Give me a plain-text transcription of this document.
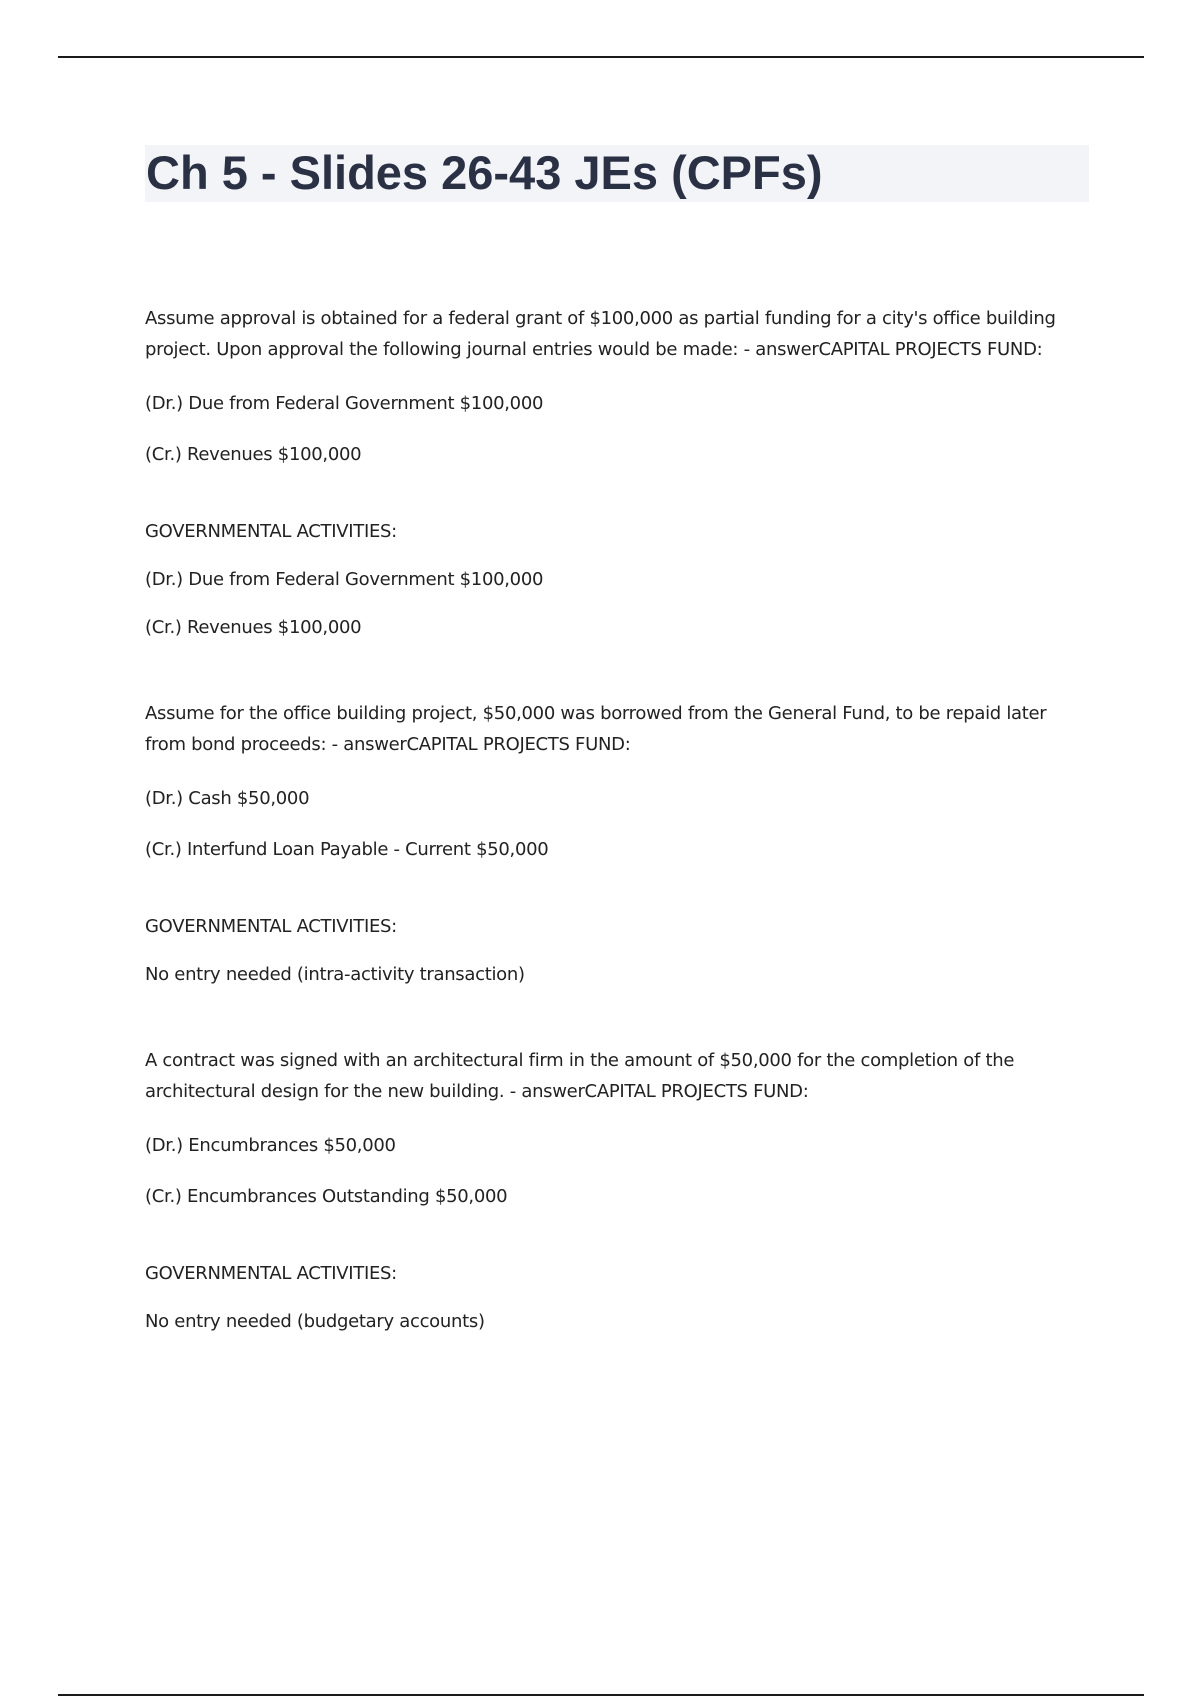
Ch 5 - Slides 26-43 JEs (CPFs)

Assume approval is obtained for a federal grant of $100,000 as partial funding for a city's office building project. Upon approval the following journal entries would be made: - answerCAPITAL PROJECTS FUND:

(Dr.) Due from Federal Government $100,000

(Cr.) Revenues $100,000

GOVERNMENTAL ACTIVITIES:

(Dr.) Due from Federal Government $100,000

(Cr.) Revenues $100,000

Assume for the office building project, $50,000 was borrowed from the General Fund, to be repaid later from bond proceeds: - answerCAPITAL PROJECTS FUND:

(Dr.) Cash $50,000

(Cr.) Interfund Loan Payable - Current $50,000

GOVERNMENTAL ACTIVITIES:

No entry needed (intra-activity transaction)

A contract was signed with an architectural firm in the amount of $50,000 for the completion of the architectural design for the new building. - answerCAPITAL PROJECTS FUND:

(Dr.) Encumbrances $50,000

(Cr.) Encumbrances Outstanding $50,000

GOVERNMENTAL ACTIVITIES:

No entry needed (budgetary accounts)
